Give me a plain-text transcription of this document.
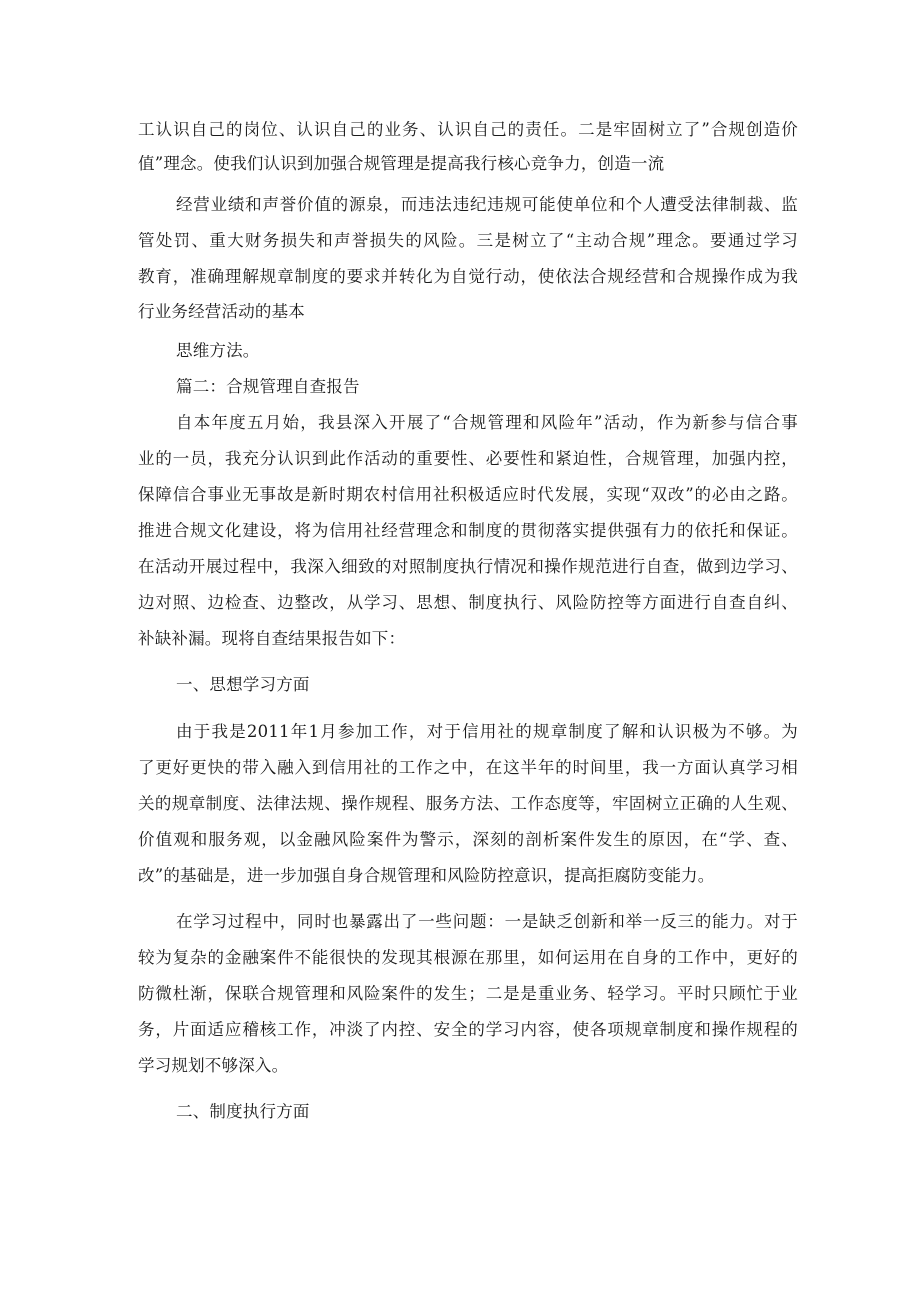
工认识自己的岗位、认识自己的业务、认识自己的责任。二是牢固树立了”合规创造价
值”理念。使我们认识到加强合规管理是提高我行核心竞争力，创造一流
经营业绩和声誉价值的源泉，而违法违纪违规可能使单位和个人遭受法律制裁、监
管处罚、重大财务损失和声誉损失的风险。三是树立了“主动合规”理念。要通过学习
教育，准确理解规章制度的要求并转化为自觉行动，使依法合规经营和合规操作成为我
行业务经营活动的基本
思维方法。
篇二：合规管理自查报告
自本年度五月始，我县深入开展了“合规管理和风险年”活动，作为新参与信合事
业的一员，我充分认识到此作活动的重要性、必要性和紧迫性，合规管理，加强内控，
保障信合事业无事故是新时期农村信用社积极适应时代发展，实现“双改”的必由之路。
推进合规文化建设，将为信用社经营理念和制度的贯彻落实提供强有力的依托和保证。
在活动开展过程中，我深入细致的对照制度执行情况和操作规范进行自查，做到边学习、
边对照、边检查、边整改，从学习、思想、制度执行、风险防控等方面进行自查自纠、
补缺补漏。现将自查结果报告如下：
一、思想学习方面
由于我是2011年1月参加工作，对于信用社的规章制度了解和认识极为不够。为
了更好更快的带入融入到信用社的工作之中，在这半年的时间里，我一方面认真学习相
关的规章制度、法律法规、操作规程、服务方法、工作态度等，牢固树立正确的人生观、
价值观和服务观，以金融风险案件为警示，深刻的剖析案件发生的原因，在“学、查、
改”的基础是，进一步加强自身合规管理和风险防控意识，提高拒腐防变能力。
在学习过程中，同时也暴露出了一些问题：一是缺乏创新和举一反三的能力。对于
较为复杂的金融案件不能很快的发现其根源在那里，如何运用在自身的工作中，更好的
防微杜渐，保联合规管理和风险案件的发生；二是是重业务、轻学习。平时只顾忙于业
务，片面适应稽核工作，冲淡了内控、安全的学习内容，使各项规章制度和操作规程的
学习规划不够深入。
二、制度执行方面
